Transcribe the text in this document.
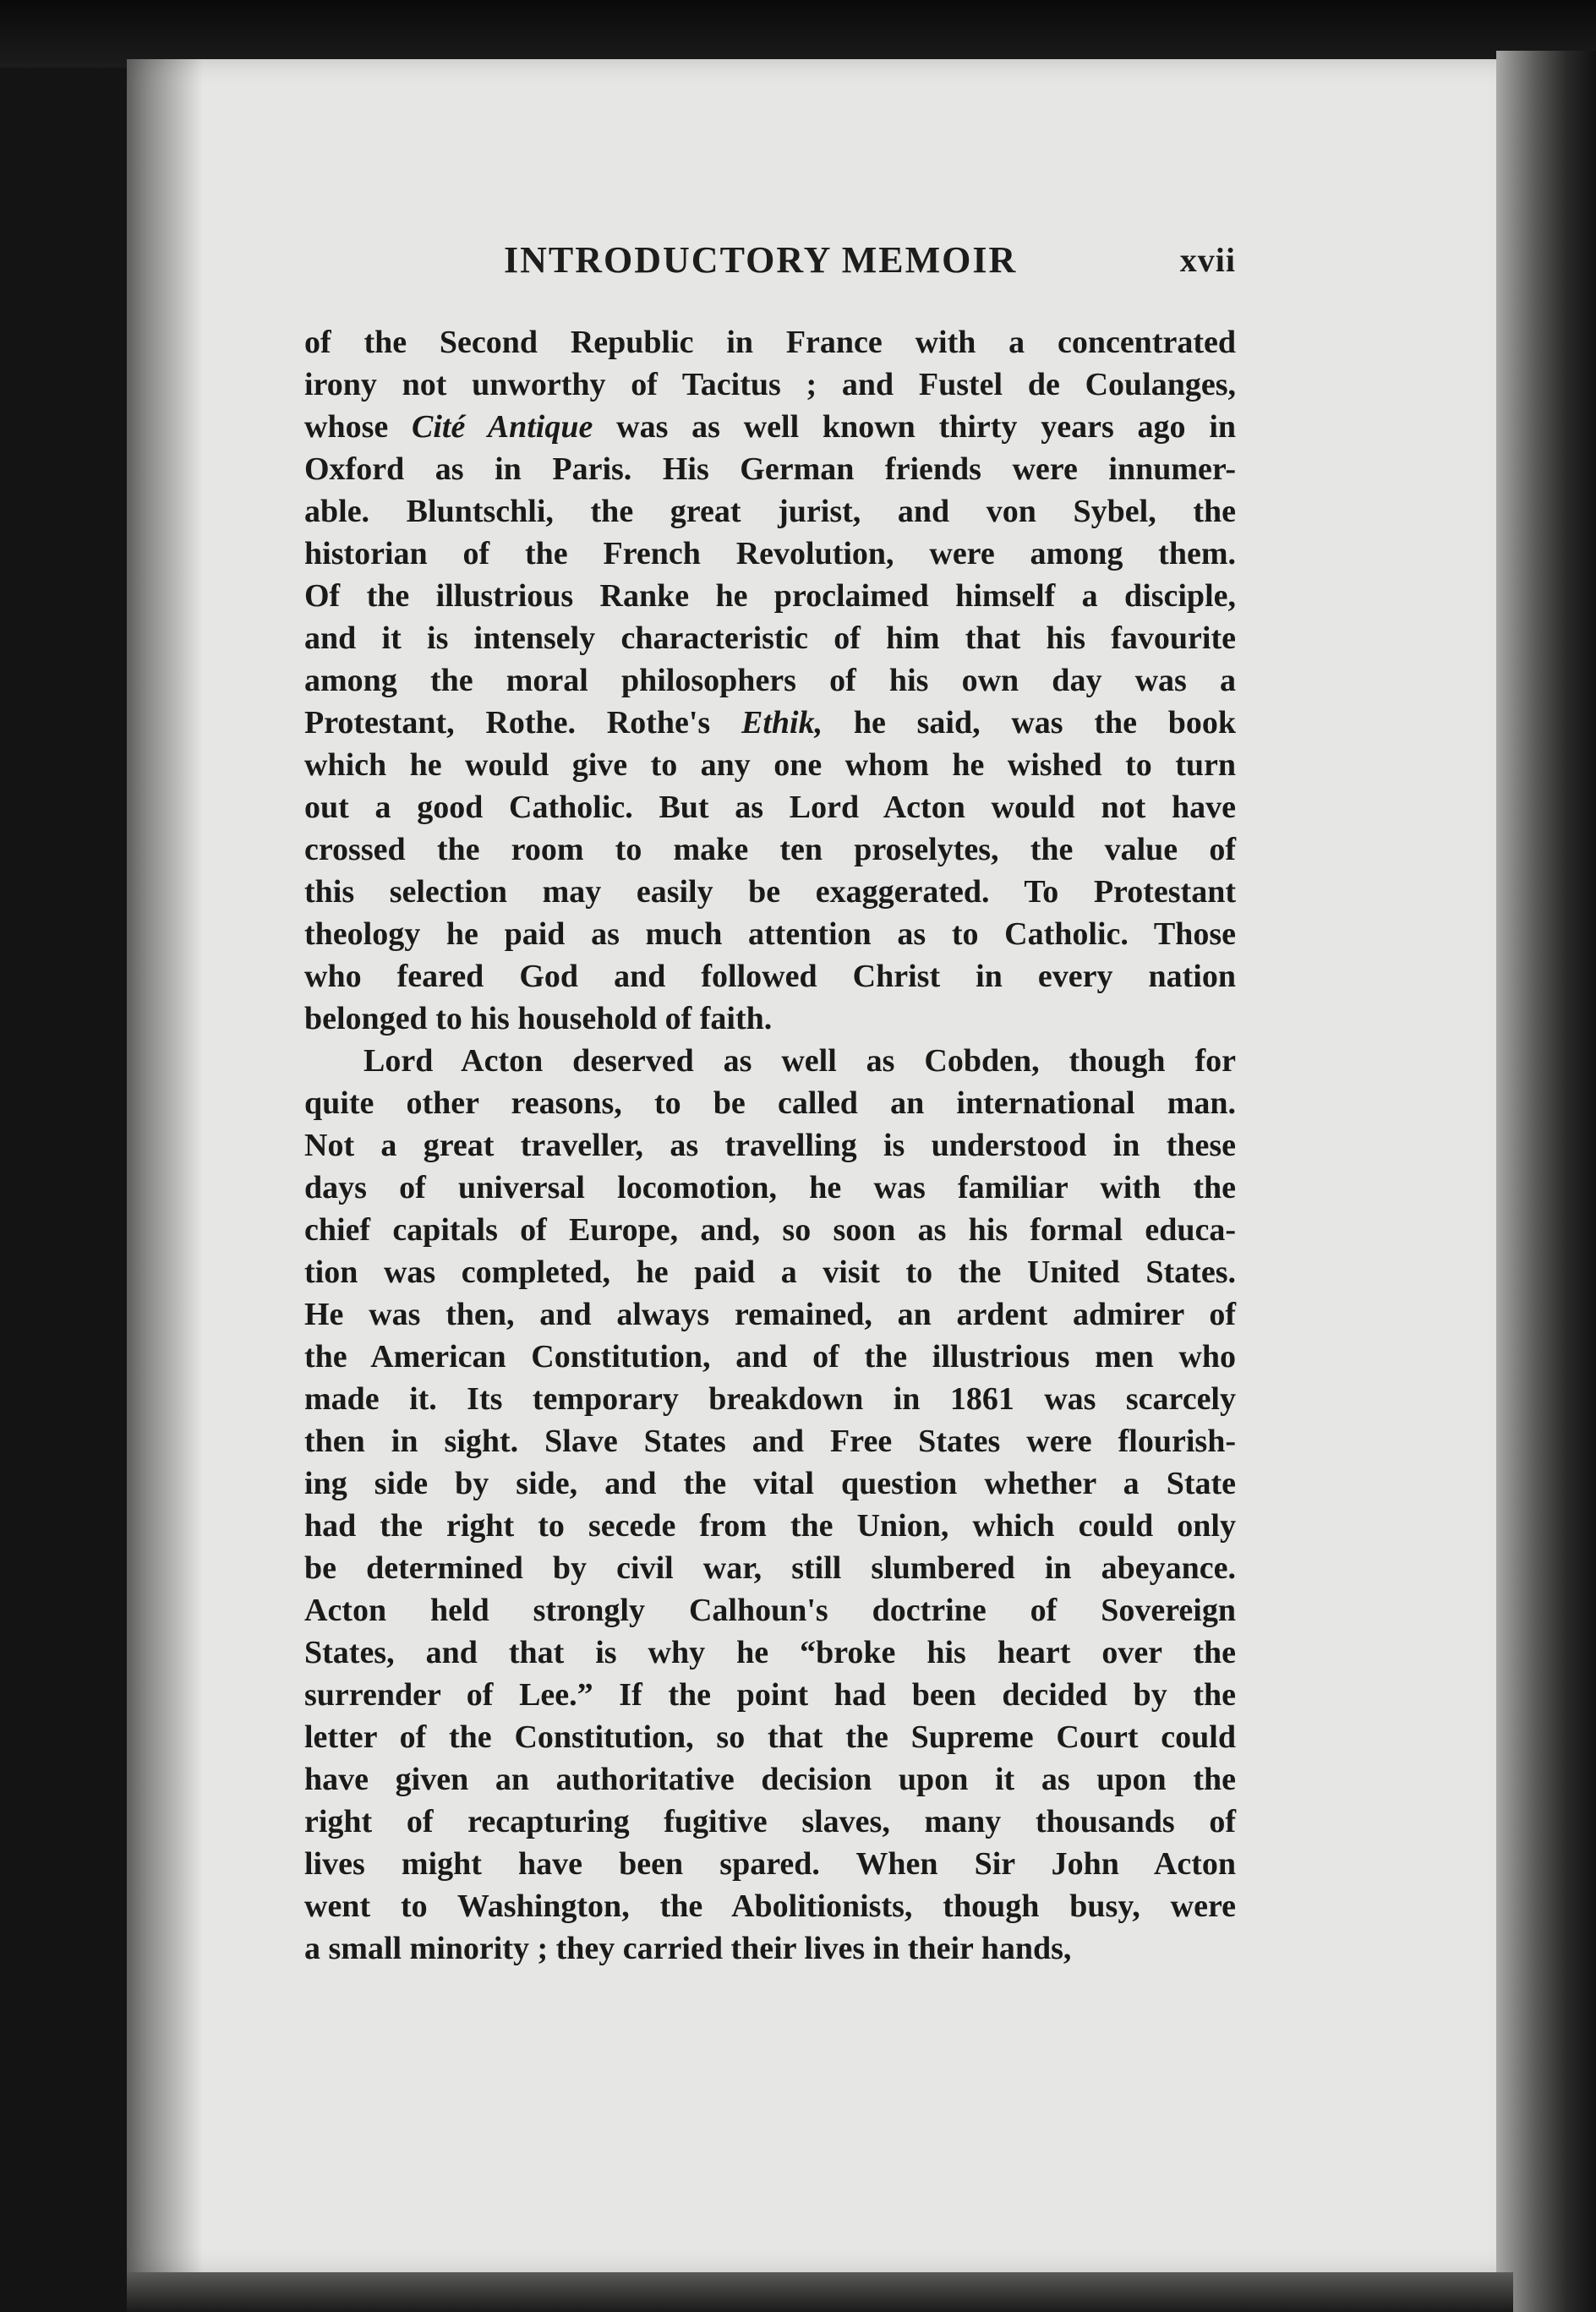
INTRODUCTORY MEMOIR	xvii
of the Second Republic in France with a concentrated
irony not unworthy of Tacitus ; and Fustel de Coulanges,
whose Cité Antique was as well known thirty years ago in
Oxford as in Paris. His German friends were innumer-
able. Bluntschli, the great jurist, and von Sybel, the
historian of the French Revolution, were among them.
Of the illustrious Ranke he proclaimed himself a disciple,
and it is intensely characteristic of him that his favourite
among the moral philosophers of his own day was a
Protestant, Rothe. Rothe's Ethik, he said, was the book
which he would give to any one whom he wished to turn
out a good Catholic. But as Lord Acton would not have
crossed the room to make ten proselytes, the value of
this selection may easily be exaggerated. To Protestant
theology he paid as much attention as to Catholic. Those
who feared God and followed Christ in every nation
belonged to his household of faith.
Lord Acton deserved as well as Cobden, though for
quite other reasons, to be called an international man.
Not a great traveller, as travelling is understood in these
days of universal locomotion, he was familiar with the
chief capitals of Europe, and, so soon as his formal educa-
tion was completed, he paid a visit to the United States.
He was then, and always remained, an ardent admirer of
the American Constitution, and of the illustrious men who
made it. Its temporary breakdown in 1861 was scarcely
then in sight. Slave States and Free States were flourish-
ing side by side, and the vital question whether a State
had the right to secede from the Union, which could only
be determined by civil war, still slumbered in abeyance.
Acton held strongly Calhoun's doctrine of Sovereign
States, and that is why he “broke his heart over the
surrender of Lee.” If the point had been decided by the
letter of the Constitution, so that the Supreme Court could
have given an authoritative decision upon it as upon the
right of recapturing fugitive slaves, many thousands of
lives might have been spared. When Sir John Acton
went to Washington, the Abolitionists, though busy, were
a small minority ; they carried their lives in their hands,
